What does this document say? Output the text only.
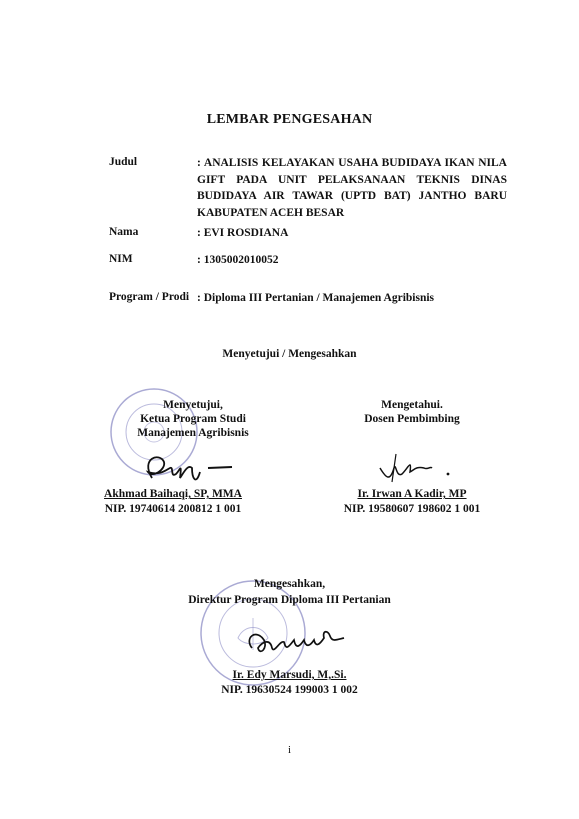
LEMBAR PENGESAHAN
Judul	: ANALISIS KELAYAKAN USAHA BUDIDAYA IKAN NILA GIFT PADA UNIT PELAKSANAAN TEKNIS DINAS BUDIDAYA AIR TAWAR (UPTD BAT) JANTHO BARU KABUPATEN ACEH BESAR
Nama	: EVI ROSDIANA
NIM	: 1305002010052
Program / Prodi : Diploma III Pertanian / Manajemen Agribisnis
Menyetujui / Mengesahkan
Menyetujui,
Ketua Program Studi
Manajemen Agribisnis
Akhmad Baihaqi, SP, MMA
NIP. 19740614 200812 1 001
Mengetahui.
Dosen Pembimbing
Ir. Irwan A Kadir, MP
NIP. 19580607 198602 1 001
Mengesahkan,
Direktur Program Diploma III Pertanian
Ir. Edy Marsudi, M,.Si.
NIP. 19630524 199003 1 002
i
